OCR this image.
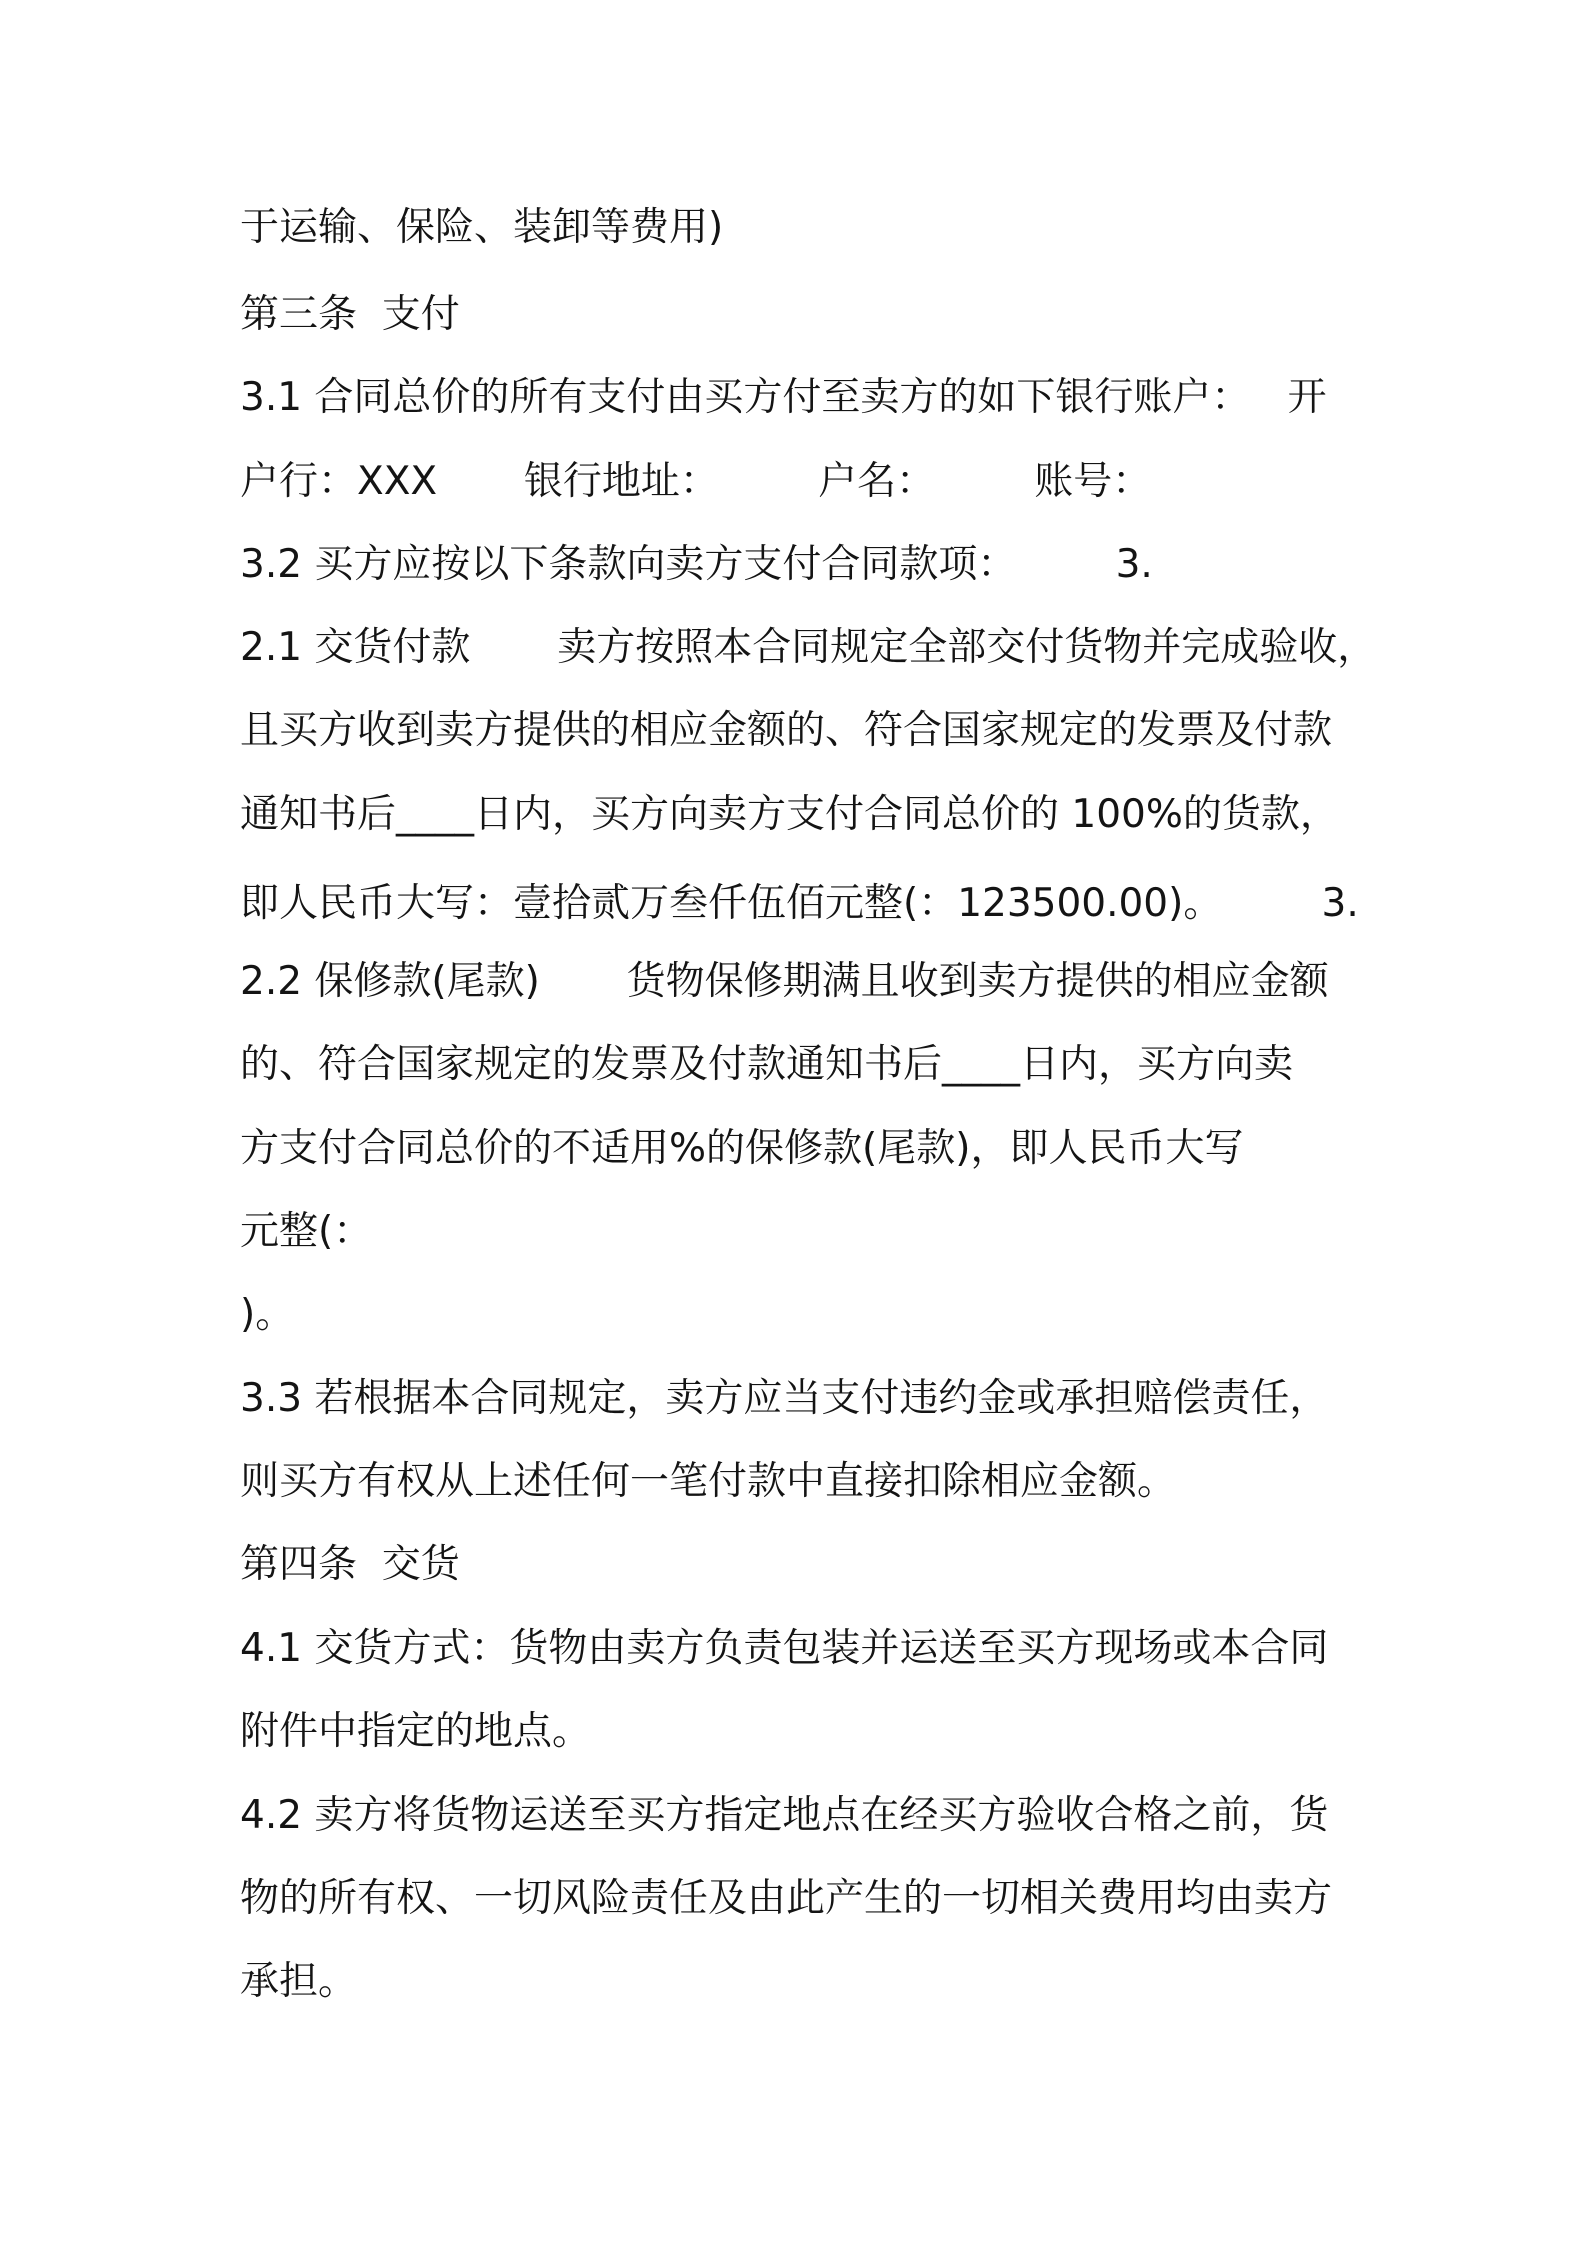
于运输、保险、装卸等费用)
第三条  支付
3.1 合同总价的所有支付由买方付至卖方的如下银行账户：   开
户行：XXX       银行地址：        户名：        账号：
3.2 买方应按以下条款向卖方支付合同款项：        3.
2.1 交货付款       卖方按照本合同规定全部交付货物并完成验收，
且买方收到卖方提供的相应金额的、符合国家规定的发票及付款
通知书后____日内，买方向卖方支付合同总价的 100%的货款，
即人民币大写：壹拾贰万叁仟伍佰元整(：123500.00)。        3.
2.2 保修款(尾款)       货物保修期满且收到卖方提供的相应金额
的、符合国家规定的发票及付款通知书后____日内，买方向卖
方支付合同总价的不适用%的保修款(尾款)，即人民币大写
元整(：
)。
3.3 若根据本合同规定，卖方应当支付违约金或承担赔偿责任，
则买方有权从上述任何一笔付款中直接扣除相应金额。
第四条  交货
4.1 交货方式：货物由卖方负责包装并运送至买方现场或本合同
附件中指定的地点。
4.2 卖方将货物运送至买方指定地点在经买方验收合格之前，货
物的所有权、一切风险责任及由此产生的一切相关费用均由卖方
承担。
